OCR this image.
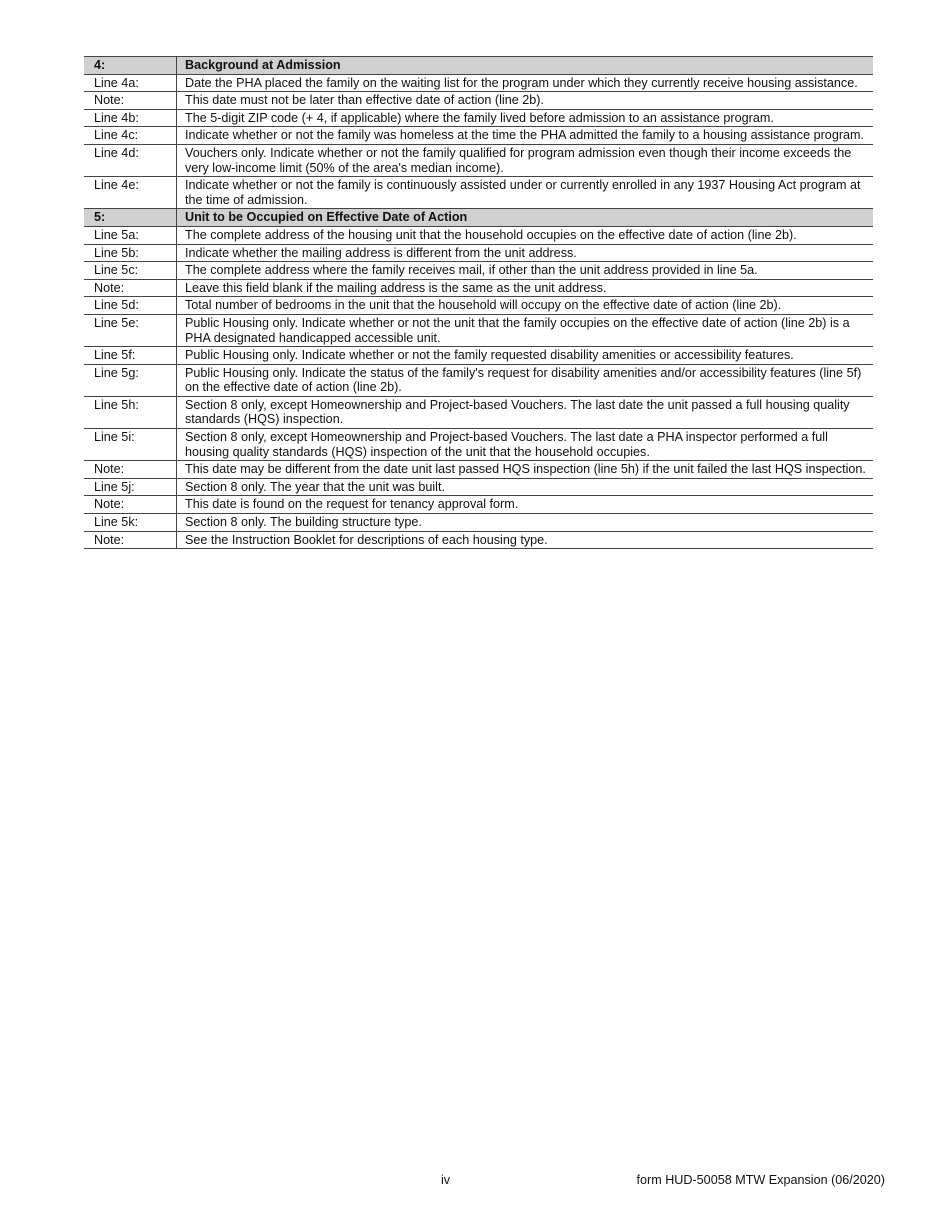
4:	Background at Admission
Line 4a:	Date the PHA placed the family on the waiting list for the program under which they currently receive housing assistance.
Note:	This date must not be later than effective date of action (line 2b).
Line 4b:	The 5-digit ZIP code (+ 4, if applicable) where the family lived before admission to an assistance program.
Line 4c:	Indicate whether or not the family was homeless at the time the PHA admitted the family to a housing assistance program.
Line 4d:	Vouchers only. Indicate whether or not the family qualified for program admission even though their income exceeds the very low-income limit (50% of the area's median income).
Line 4e:	Indicate whether or not the family is continuously assisted under or currently enrolled in any 1937 Housing Act program at the time of admission.
5:	Unit to be Occupied on Effective Date of Action
Line 5a:	The complete address of the housing unit that the household occupies on the effective date of action (line 2b).
Line 5b:	Indicate whether the mailing address is different from the unit address.
Line 5c:	The complete address where the family receives mail, if other than the unit address provided in line 5a.
Note:	Leave this field blank if the mailing address is the same as the unit address.
Line 5d:	Total number of bedrooms in the unit that the household will occupy on the effective date of action (line 2b).
Line 5e:	Public Housing only. Indicate whether or not the unit that the family occupies on the effective date of action (line 2b) is a PHA designated handicapped accessible unit.
Line 5f:	Public Housing only. Indicate whether or not the family requested disability amenities or accessibility features.
Line 5g:	Public Housing only. Indicate the status of the family's request for disability amenities and/or accessibility features (line 5f) on the effective date of action (line 2b).
Line 5h:	Section 8 only, except Homeownership and Project-based Vouchers. The last date the unit passed a full housing quality standards (HQS) inspection.
Line 5i:	Section 8 only, except Homeownership and Project-based Vouchers. The last date a PHA inspector performed a full housing quality standards (HQS) inspection of the unit that the household occupies.
Note:	This date may be different from the date unit last passed HQS inspection (line 5h) if the unit failed the last HQS inspection.
Line 5j:	Section 8 only. The year that the unit was built.
Note:	This date is found on the request for tenancy approval form.
Line 5k:	Section 8 only. The building structure type.
Note:	See the Instruction Booklet for descriptions of each housing type.
iv	form HUD-50058 MTW Expansion (06/2020)
